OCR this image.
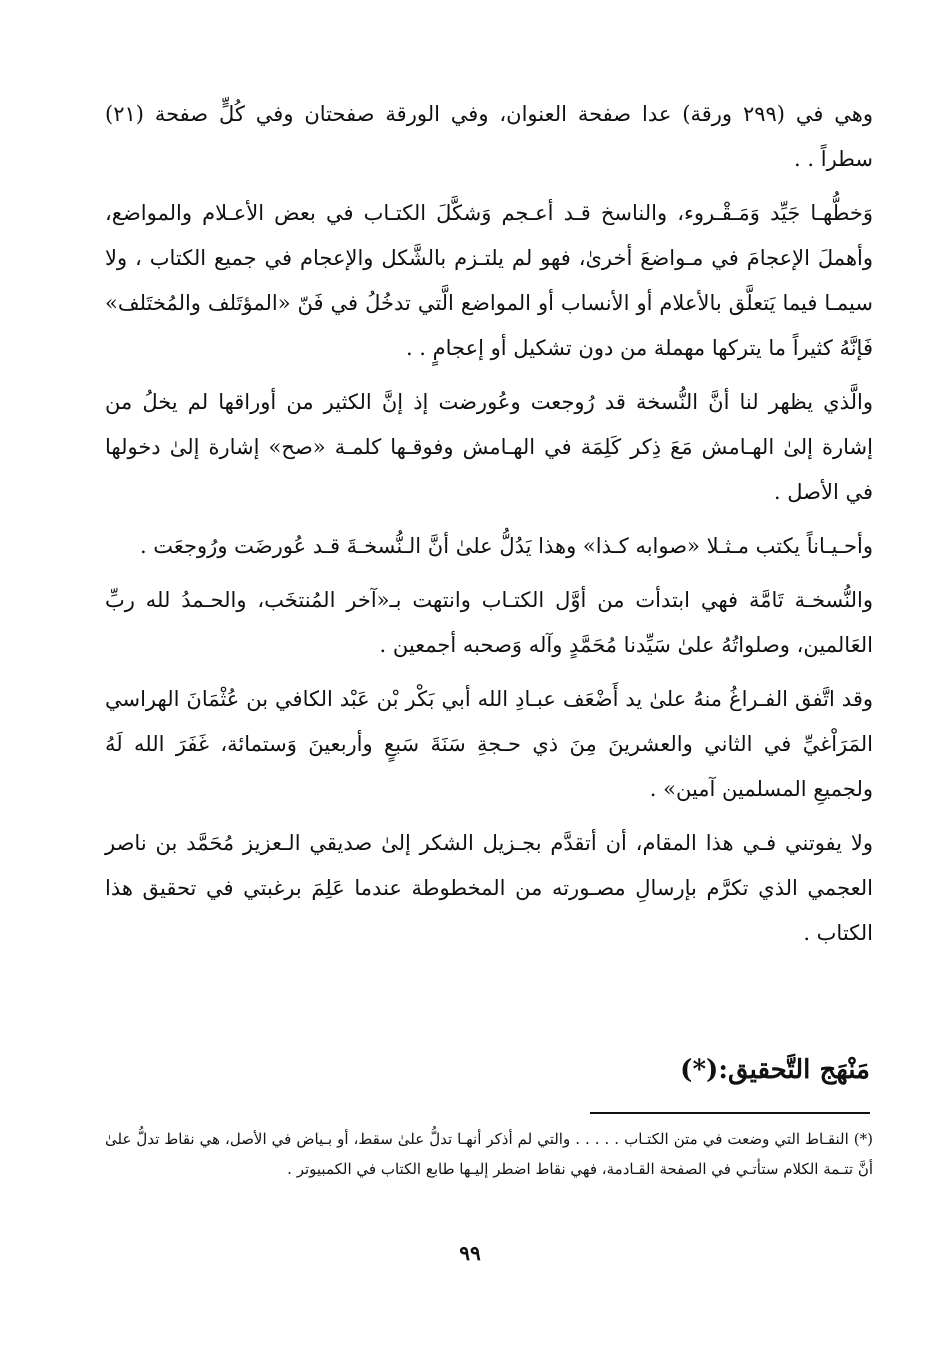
وهي في (٢٩٩ ورقة) عدا صفحة العنوان، وفي الورقة صفحتان وفي كُلٍّ صفحة (٢١) سطراً . .

وَخطُّهـا جَيِّد وَمَـقْـروء، والناسخ قـد أعـجم وَشكَّلَ الكتـاب في بعض الأعـلام والمواضع، وأهملَ الإعجامَ في مـواضعَ أخرىٰ، فهو لم يلتـزم بالشَّكل والإعجام في جميع الكتاب ، ولا سيمـا فيما يَتعلَّق بالأعلام أو الأنساب أو المواضع الَّتي تدخُلُ في فَنّ «المؤتَلف والمُختَلف» فَإنَّهُ كثيراً ما يتركها مهملة من دون تشكيل أو إعجامٍ . .

والَّذي يظهر لنا أنَّ النُّسخة قد رُوجعت وعُورضت إذ إنَّ الكثير من أوراقها لم يخلُ من إشارة إلىٰ الهـامش مَعَ ذِكر كَلِمَة في الهـامش وفوقـها كلمـة «صح» إشارة إلىٰ دخولها في الأصل .

وأحـيـاناً يكتب مـثـلا «صوابه كـذا» وهذا يَدُلُّ علىٰ أنَّ الـنُّسخـةَ قـد عُورضَت ورُوجعَت .

والنُّسخـة تَامَّة فهي ابتدأت من أوَّل الكتـاب وانتهت بـ«آخر المُنتخَب، والحـمدُ لله ربِّ العَالمين، وصلواتُهُ علىٰ سَيِّدنا مُحَمَّدٍ وآله وَصحبه أجمعين .

وقد اتَّفق الفـراغُ منهُ علىٰ يد أَضْعَف عبـادِ الله أبي بَكْر بْن عَبْد الكافي بن عُثْمَانَ الهراسي المَرَاْغيِّ في الثاني والعشرينَ مِنَ ذي حـجةِ سَنَةَ سَبعٍ وأربعينَ وَستمائة، غَفَرَ الله لَهُ ولجميعِ المسلمين آمين» .

ولا يفوتني فـي هذا المقام، أن أتقدَّم بجـزيل الشكر إلىٰ صديقي الـعزيز مُحَمَّد بن ناصر العجمي الذي تكرَّم بإرسالِ مصـورته من المخطوطة عندما عَلِمَ برغبتي في تحقيق هذا الكتاب .

مَنْهَج التَّحقيق:(*)

(*) النقـاط التي وضعت في متن الكتـاب . . . . . والتي لم أذكر أنهـا تدلُّ علىٰ سقط، أو بـياض في الأصل، هي نقاط تدلُّ علىٰ أنَّ تتـمة الكلام ستأتـي في الصفحة القـادمة، فهي نقاط اضطر إليـها طابع الكتاب في الكمبيوتر .

٩٩
